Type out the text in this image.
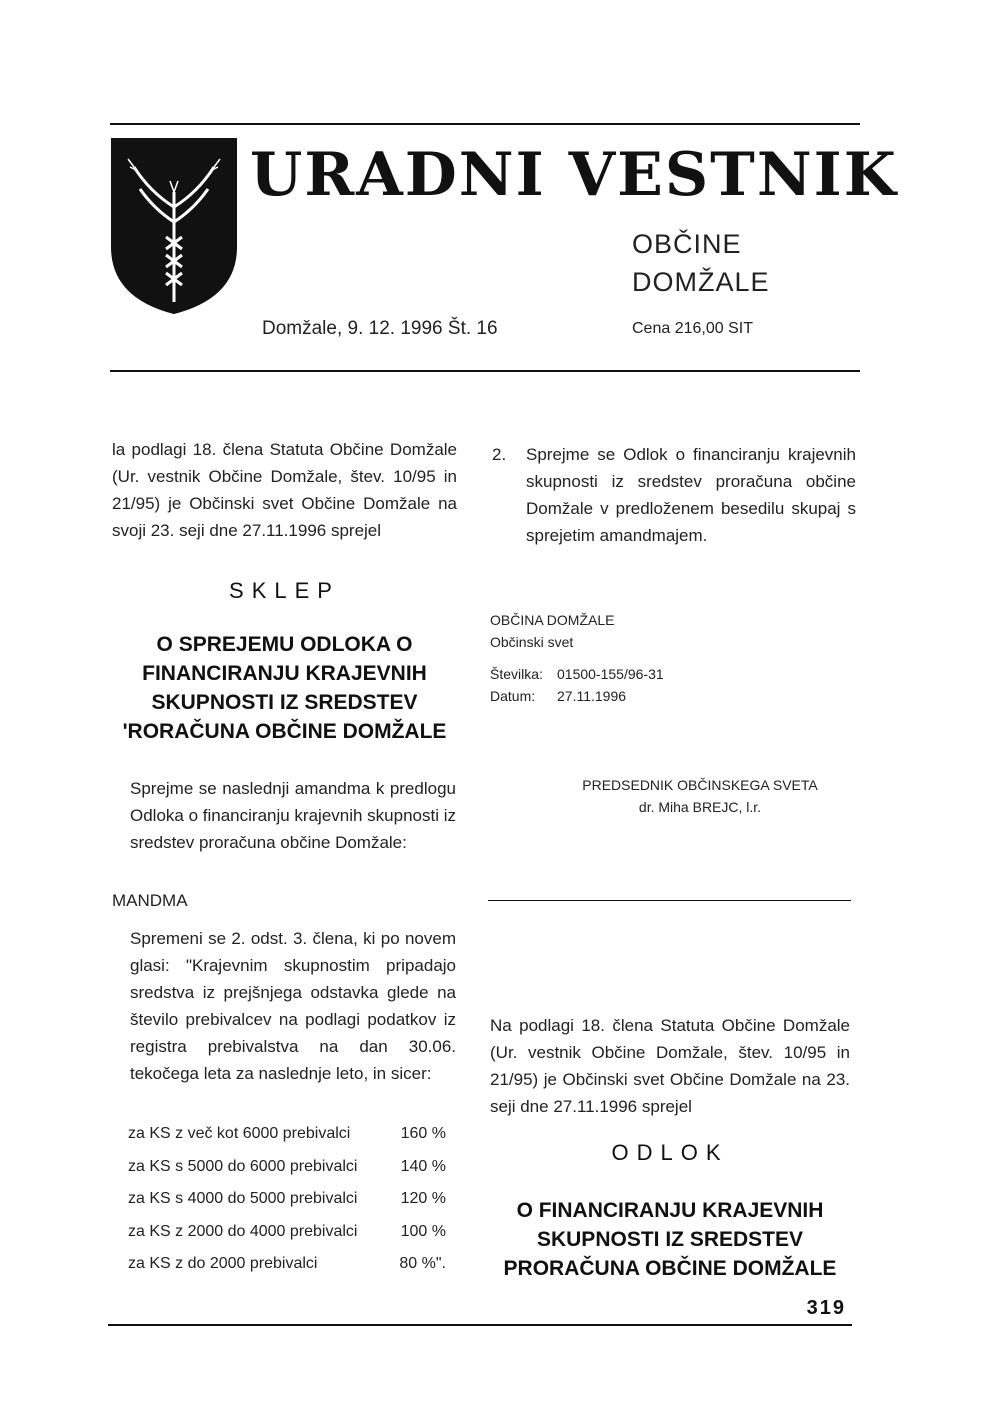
URADNI VESTNIK
OBČINE
DOMŽALE
Domžale, 9. 12. 1996 Št. 16	Cena 216,00 SIT
la podlagi 18. člena Statuta Občine Domžale (Ur. vestnik Občine Domžale, štev. 10/95 in 21/95) je Občinski svet Občine Domžale na svoji 23. seji dne 27.11.1996 sprejel
SKLEP
O SPREJEMU ODLOKA O
FINANCIRANJU KRAJEVNIH
SKUPNOSTI IZ SREDSTEV
'RORAČUNA OBČINE DOMŽALE
Sprejme se naslednji amandma k predlogu Odloka o financiranju krajevnih skupnosti iz sredstev proračuna občine Domžale:
MANDMA
Spremeni se 2. odst. 3. člena, ki po novem glasi: "Krajevnim skupnostim pripadajo sredstva iz prejšnjega odstavka glede na število prebivalcev na podlagi podatkov iz registra prebivalstva na dan 30.06. tekočega leta za naslednje leto, in sicer:
za KS z več kot 6000 prebivalci	160 %
za KS s 5000 do 6000 prebivalci	140 %
za KS s 4000 do 5000 prebivalci	120 %
za KS z 2000 do 4000 prebivalci	100 %
za KS z do 2000 prebivalci	80 %".
2. Sprejme se Odlok o financiranju krajevnih skupnosti iz sredstev proračuna občine Domžale v predloženem besedilu skupaj s sprejetim amandmajem.
OBČINA DOMŽALE
Občinski svet
Številka: 01500-155/96-31
Datum: 27.11.1996
PREDSEDNIK OBČINSKEGA SVETA
dr. Miha BREJC, l.r.
Na podlagi 18. člena Statuta Občine Domžale (Ur. vestnik Občine Domžale, štev. 10/95 in 21/95) je Občinski svet Občine Domžale na 23. seji dne 27.11.1996 sprejel
ODLOK
O FINANCIRANJU KRAJEVNIH
SKUPNOSTI IZ SREDSTEV
PRORAČUNA OBČINE DOMŽALE
319
